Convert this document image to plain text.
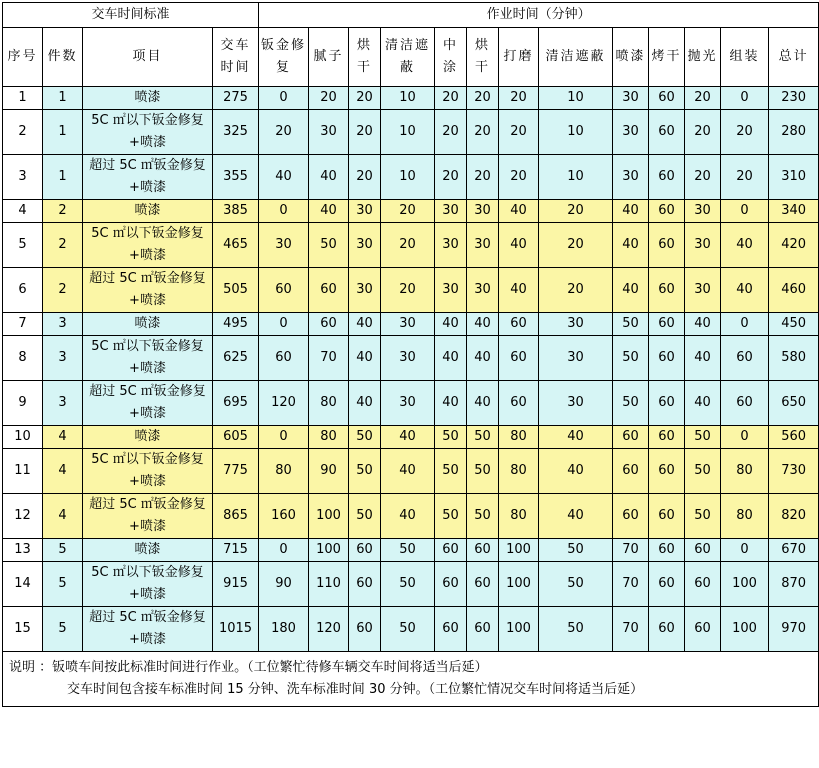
交车时间标准				作业时间（分钟）												
序号	件数	项目	交车时间	钣金修复	腻子	烘干	清洁遮蔽	中涂	烘干	打磨	清洁遮蔽	喷漆	烤干	抛光	组装	总计
1	1	喷漆	275	0	20	20	10	20	20	20	10	30	60	20	0	230
2	1	5C ㎡以下钣金修复+喷漆	325	20	30	20	10	20	20	20	10	30	60	20	20	280
3	1	超过 5C ㎡钣金修复+喷漆	355	40	40	20	10	20	20	20	10	30	60	20	20	310
4	2	喷漆	385	0	40	30	20	30	30	40	20	40	60	30	0	340
5	2	5C ㎡以下钣金修复+喷漆	465	30	50	30	20	30	30	40	20	40	60	30	40	420
6	2	超过 5C ㎡钣金修复+喷漆	505	60	60	30	20	30	30	40	20	40	60	30	40	460
7	3	喷漆	495	0	60	40	30	40	40	60	30	50	60	40	0	450
8	3	5C ㎡以下钣金修复+喷漆	625	60	70	40	30	40	40	60	30	50	60	40	60	580
9	3	超过 5C ㎡钣金修复+喷漆	695	120	80	40	30	40	40	60	30	50	60	40	60	650
10	4	喷漆	605	0	80	50	40	50	50	80	40	60	60	50	0	560
11	4	5C ㎡以下钣金修复+喷漆	775	80	90	50	40	50	50	80	40	60	60	50	80	730
12	4	超过 5C ㎡钣金修复+喷漆	865	160	100	50	40	50	50	80	40	60	60	50	80	820
13	5	喷漆	715	0	100	60	50	60	60	100	50	70	60	60	0	670
14	5	5C ㎡以下钣金修复+喷漆	915	90	110	60	50	60	60	100	50	70	60	60	100	870
15	5	超过 5C ㎡钣金修复+喷漆	1015	180	120	60	50	60	60	100	50	70	60	60	100	970
说明 ：钣喷车间按此标准时间进行作业。（工位繁忙待修车辆交车时间将适当后延）
交车时间包含接车标准时间 15 分钟、洗车标准时间 30 分钟。（工位繁忙情况交车时间将适当后延）																
